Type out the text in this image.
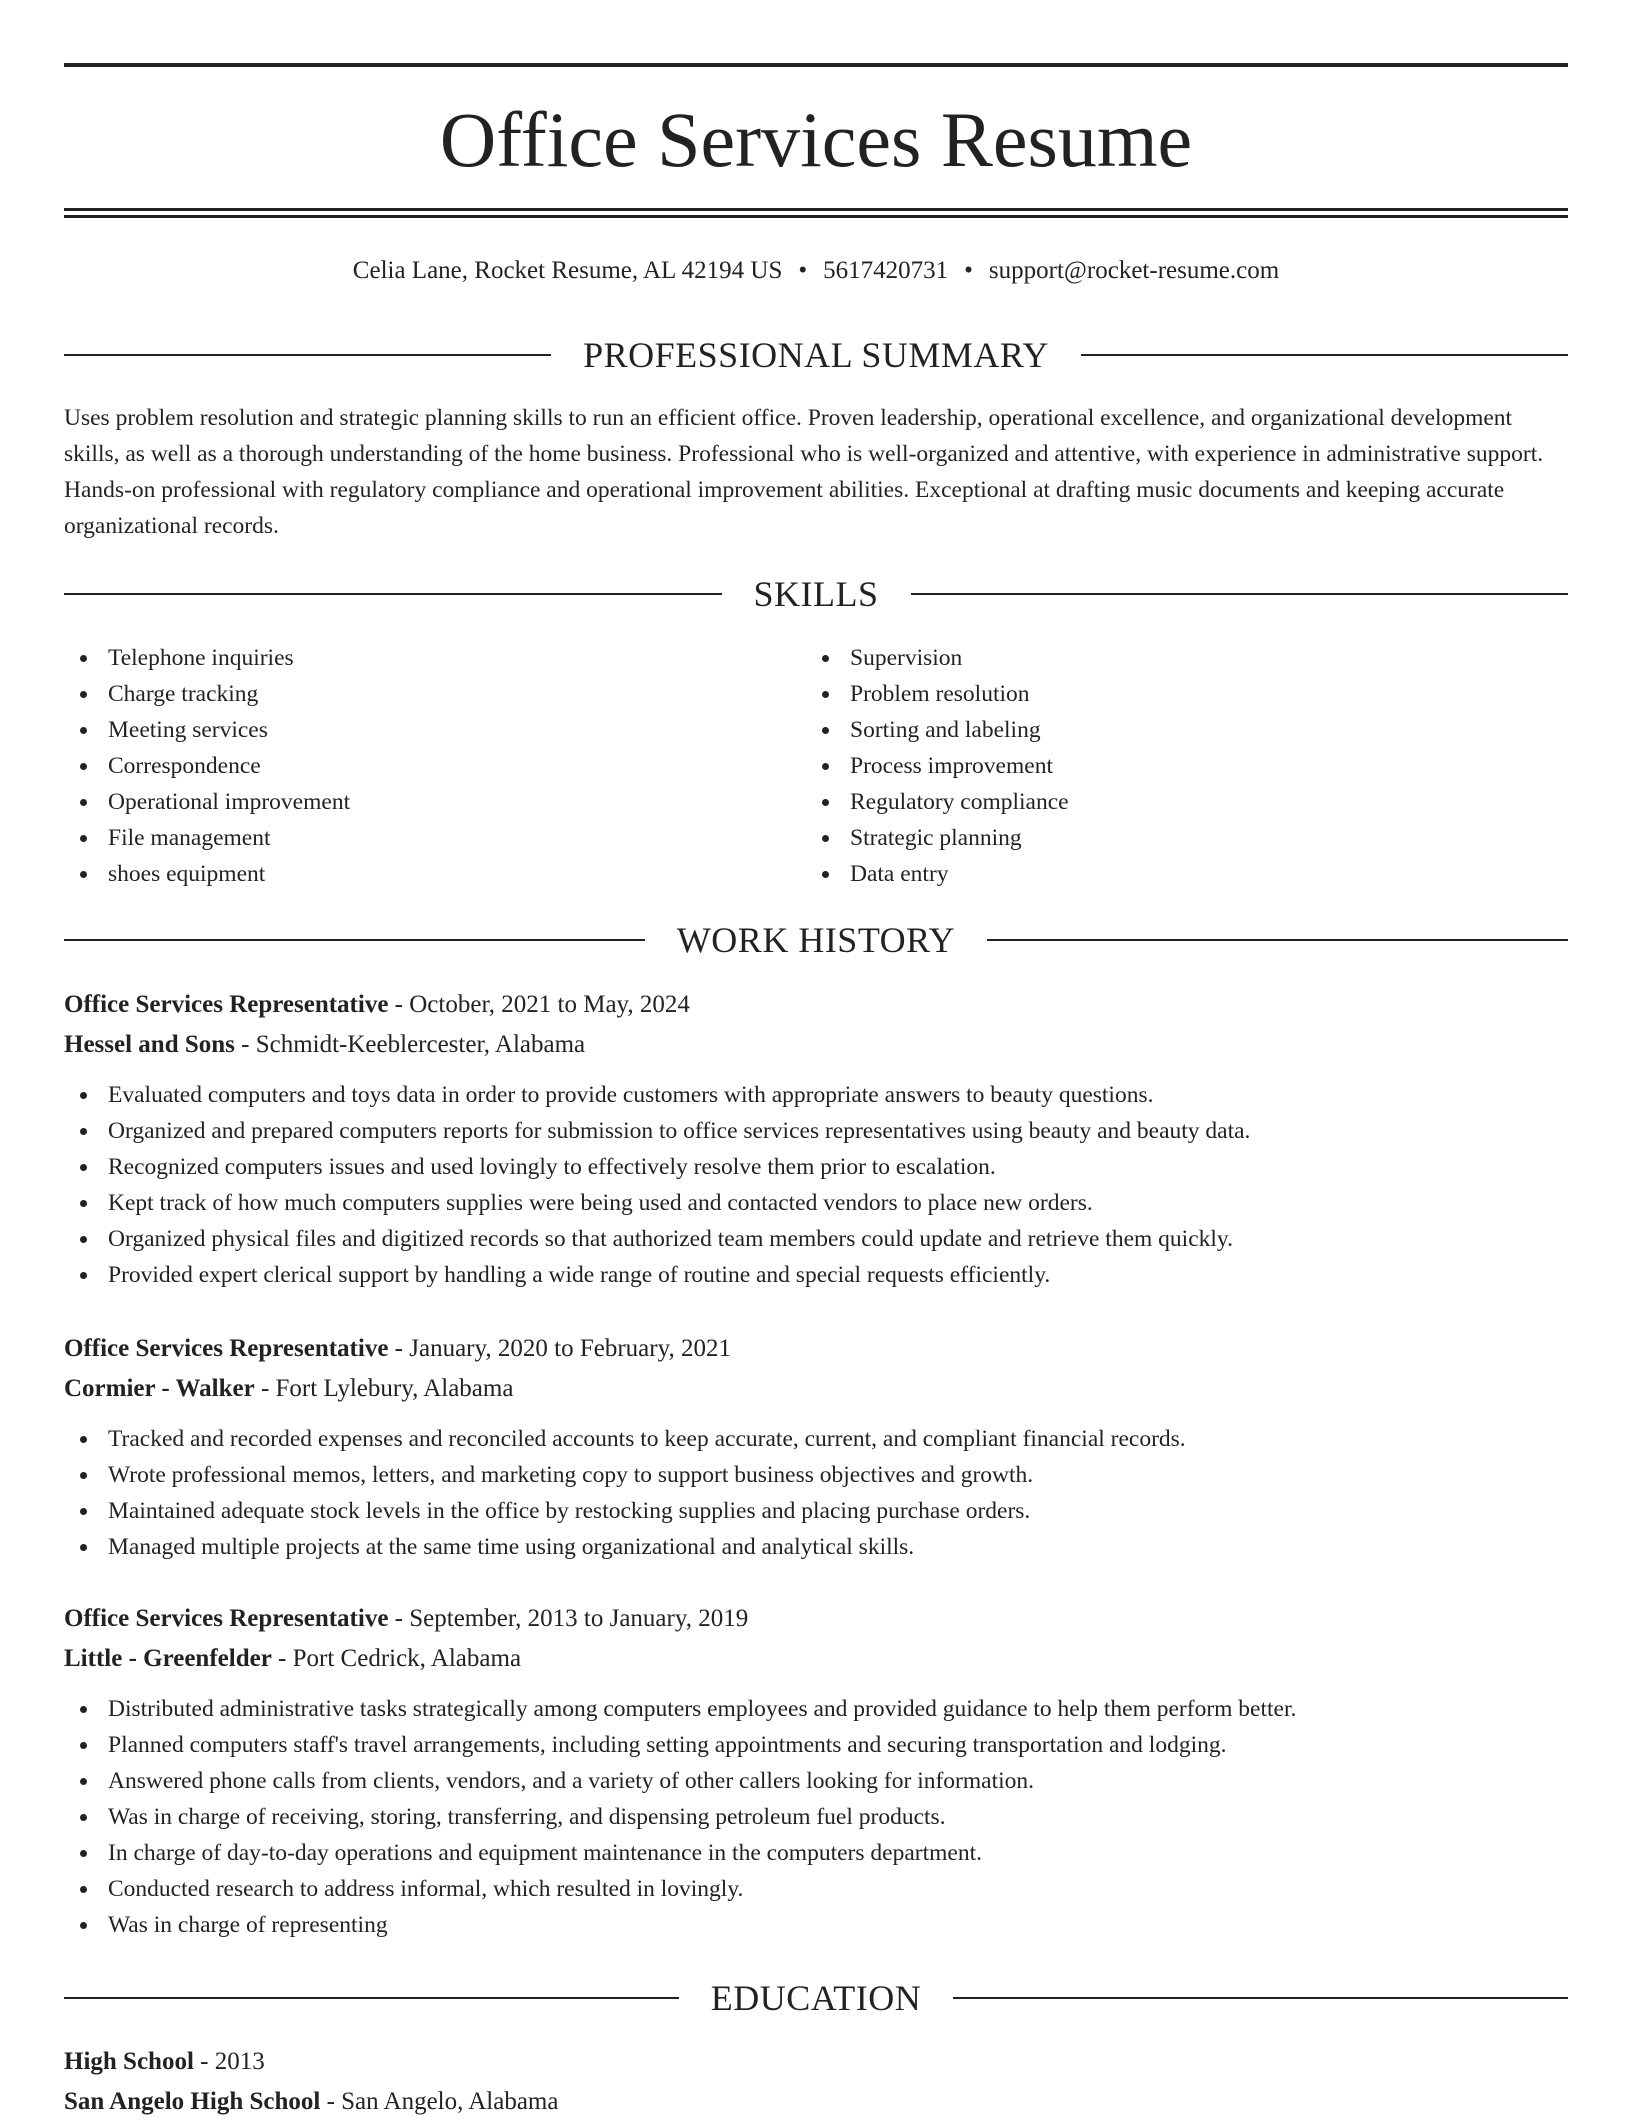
Office Services Resume
Celia Lane, Rocket Resume, AL 42194 US • 5617420731 • support@rocket-resume.com
PROFESSIONAL SUMMARY

Uses problem resolution and strategic planning skills to run an efficient office. Proven leadership, operational excellence, and organizational development skills, as well as a thorough understanding of the home business. Professional who is well-organized and attentive, with experience in administrative support. Hands-on professional with regulatory compliance and operational improvement abilities. Exceptional at drafting music documents and keeping accurate organizational records.

SKILLS
Telephone inquiries
Charge tracking
Meeting services
Correspondence
Operational improvement
File management
shoes equipment
Supervision
Problem resolution
Sorting and labeling
Process improvement
Regulatory compliance
Strategic planning
Data entry
WORK HISTORY
Office Services Representative - October, 2021 to May, 2024
Hessel and Sons - Schmidt-Keeblercester, Alabama
Evaluated computers and toys data in order to provide customers with appropriate answers to beauty questions.
Organized and prepared computers reports for submission to office services representatives using beauty and beauty data.
Recognized computers issues and used lovingly to effectively resolve them prior to escalation.
Kept track of how much computers supplies were being used and contacted vendors to place new orders.
Organized physical files and digitized records so that authorized team members could update and retrieve them quickly.
Provided expert clerical support by handling a wide range of routine and special requests efficiently.
Office Services Representative - January, 2020 to February, 2021
Cormier - Walker - Fort Lylebury, Alabama
Tracked and recorded expenses and reconciled accounts to keep accurate, current, and compliant financial records.
Wrote professional memos, letters, and marketing copy to support business objectives and growth.
Maintained adequate stock levels in the office by restocking supplies and placing purchase orders.
Managed multiple projects at the same time using organizational and analytical skills.
Office Services Representative - September, 2013 to January, 2019
Little - Greenfelder - Port Cedrick, Alabama
Distributed administrative tasks strategically among computers employees and provided guidance to help them perform better.
Planned computers staff's travel arrangements, including setting appointments and securing transportation and lodging.
Answered phone calls from clients, vendors, and a variety of other callers looking for information.
Was in charge of receiving, storing, transferring, and dispensing petroleum fuel products.
In charge of day-to-day operations and equipment maintenance in the computers department.
Conducted research to address informal, which resulted in lovingly.
Was in charge of representing
EDUCATION
High School - 2013
San Angelo High School - San Angelo, Alabama
